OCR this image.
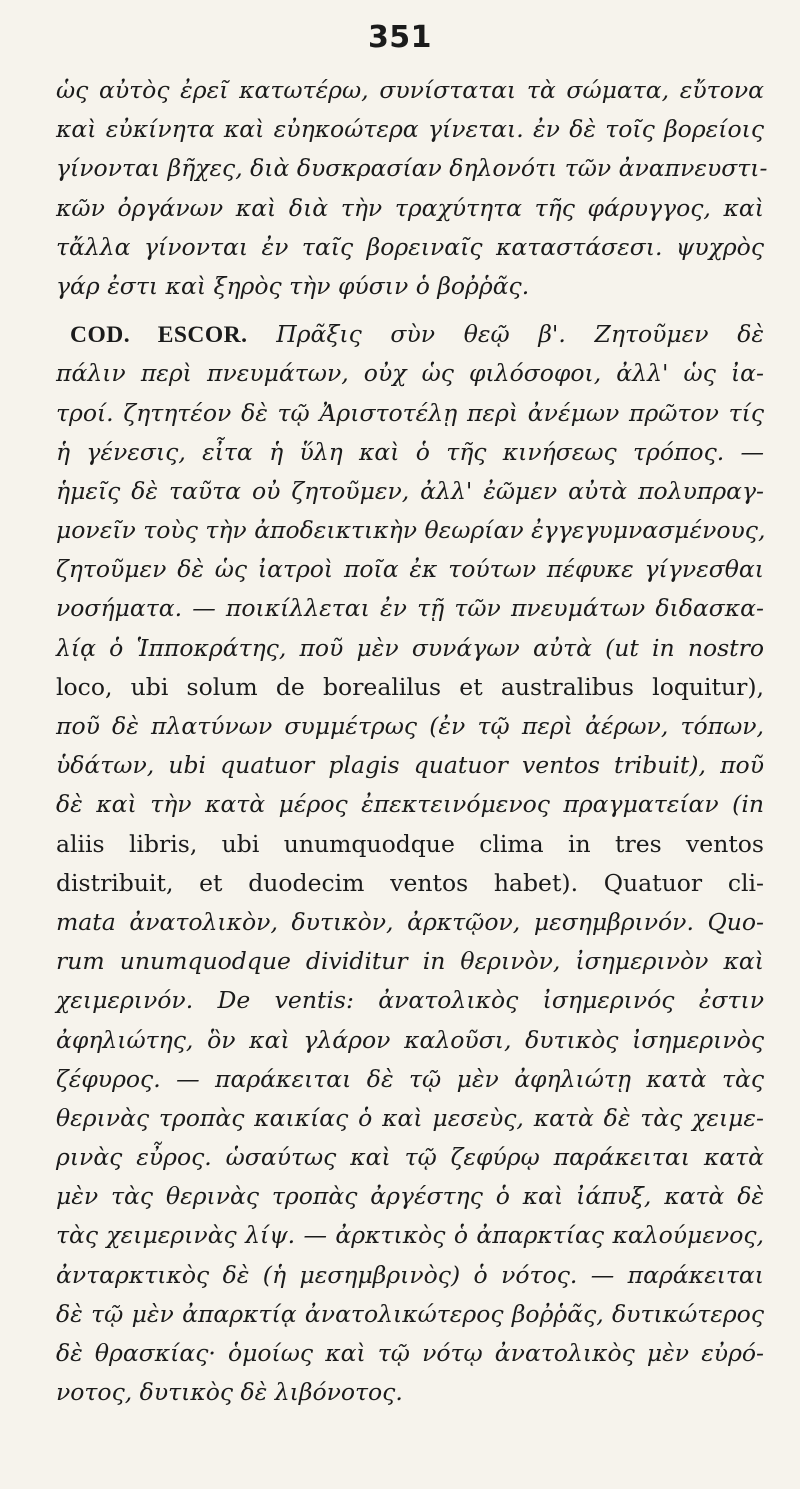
351
ὡς αὐτὸς ἐρεῖ κατωτέρω, συνίσταται τὰ σώματα, εὔτονα
καὶ εὐκίνητα καὶ εὐηκοώτερα γίνεται. ἐν δὲ τοῖς βορείοις
γίνονται βῆχες, διὰ δυσκρασίαν δηλονότι τῶν ἀναπνευστι-
κῶν ὀργάνων καὶ διὰ τὴν τραχύτητα τῆς φάρυγγος, καὶ
τἄλλα γίνονται ἐν ταῖς βορειναῖς καταστάσεσι. ψυχρὸς
γάρ ἐστι καὶ ξηρὸς τὴν φύσιν ὁ βοῤῥᾶς.
COD. ESCOR. Πρᾶξις σὺν θεῷ β'. Ζητοῦμεν δὲ
πάλιν περὶ πνευμάτων, οὐχ ὡς φιλόσοφοι, ἀλλ' ὡς ἰα-
τροί. ζητητέον δὲ τῷ Ἀριστοτέλῃ περὶ ἀνέμων πρῶτον τίς
ἡ γένεσις, εἶτα ἡ ὕλη καὶ ὁ τῆς κινήσεως τρόπος. —
ἡμεῖς δὲ ταῦτα οὐ ζητοῦμεν, ἀλλ' ἐῶμεν αὐτὰ πολυπραγ-
μονεῖν τοὺς τὴν ἀποδεικτικὴν θεωρίαν ἐγγεγυμνασμένους,
ζητοῦμεν δὲ ὡς ἰατροὶ ποῖα ἐκ τούτων πέφυκε γίγνεσθαι
νοσήματα. — ποικίλλεται ἐν τῇ τῶν πνευμάτων διδασκα-
λίᾳ ὁ Ἱπποκράτης, ποῦ μὲν συνάγων αὐτὰ (ut in nostro
loco, ubi solum de borealilus et australibus loquitur),
ποῦ δὲ πλατύνων συμμέτρως (ἐν τῷ περὶ ἀέρων, τόπων,
ὑδάτων, ubi quatuor plagis quatuor ventos tribuit), ποῦ
δὲ καὶ τὴν κατὰ μέρος ἐπεκτεινόμενος πραγματείαν (in
aliis libris, ubi unumquodque clima in tres ventos
distribuit, et duodecim ventos habet). Quatuor cli-
mata ἀνατολικὸν, δυτικὸν, ἀρκτῷον, μεσημβρινόν. Quo-
rum unumquodque dividitur in θερινὸν, ἰσημερινὸν καὶ
χειμερινόν. De ventis: ἀνατολικὸς ἰσημερινός ἐστιν
ἀφηλιώτης, ὃν καὶ γλάρον καλοῦσι, δυτικὸς ἰσημερινὸς
ζέφυρος. — παράκειται δὲ τῷ μὲν ἀφηλιώτῃ κατὰ τὰς
θερινὰς τροπὰς καικίας ὁ καὶ μεσεὺς, κατὰ δὲ τὰς χειμε-
ρινὰς εὖρος. ὡσαύτως καὶ τῷ ζεφύρῳ παράκειται κατὰ
μὲν τὰς θερινὰς τροπὰς ἀργέστης ὁ καὶ ἰάπυξ, κατὰ δὲ
τὰς χειμερινὰς λίψ. — ἀρκτικὸς ὁ ἀπαρκτίας καλούμενος,
ἀνταρκτικὸς δὲ (ἡ μεσημβρινὸς) ὁ νότος. — παράκειται
δὲ τῷ μὲν ἀπαρκτίᾳ ἀνατολικώτερος βοῤῥᾶς, δυτικώτερος
δὲ θρασκίας· ὁμοίως καὶ τῷ νότῳ ἀνατολικὸς μὲν εὐρό-
νοτος, δυτικὸς δὲ λιβόνοτος.
